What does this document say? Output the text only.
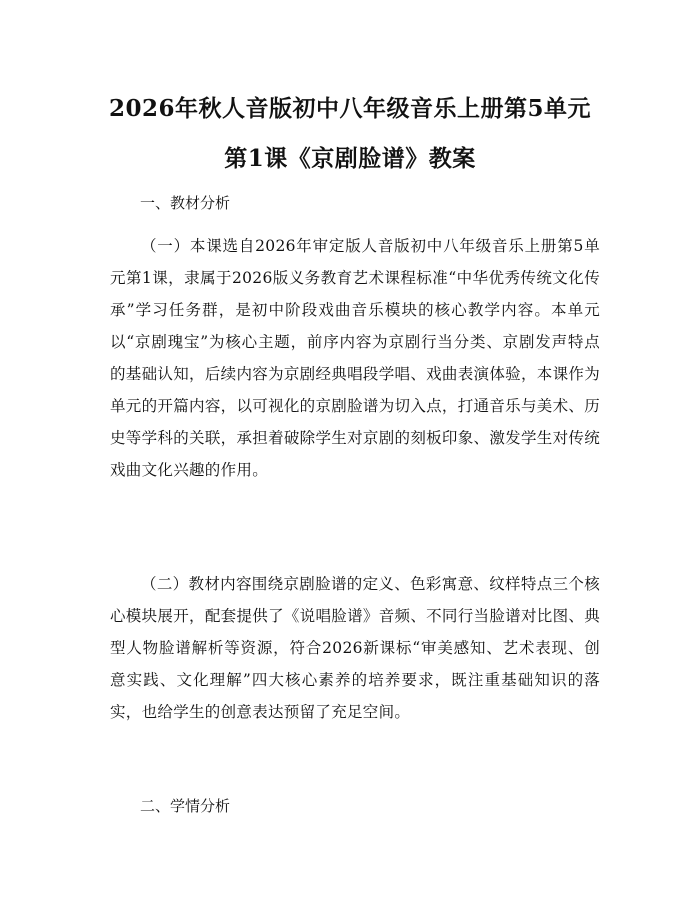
2026年秋人音版初中八年级音乐上册第5单元第1课《京剧脸谱》教案
一、教材分析

（一）本课选自2026年审定版人音版初中八年级音乐上册第5单元第1课，隶属于2026版义务教育艺术课程标准“中华优秀传统文化传承”学习任务群，是初中阶段戏曲音乐模块的核心教学内容。本单元以“京剧瑰宝”为核心主题，前序内容为京剧行当分类、京剧发声特点的基础认知，后续内容为京剧经典唱段学唱、戏曲表演体验，本课作为单元的开篇内容，以可视化的京剧脸谱为切入点，打通音乐与美术、历史等学科的关联，承担着破除学生对京剧的刻板印象、激发学生对传统戏曲文化兴趣的作用。

（二）教材内容围绕京剧脸谱的定义、色彩寓意、纹样特点三个核心模块展开，配套提供了《说唱脸谱》音频、不同行当脸谱对比图、典型人物脸谱解析等资源，符合2026新课标“审美感知、艺术表现、创意实践、文化理解”四大核心素养的培养要求，既注重基础知识的落实，也给学生的创意表达预留了充足空间。

二、学情分析
